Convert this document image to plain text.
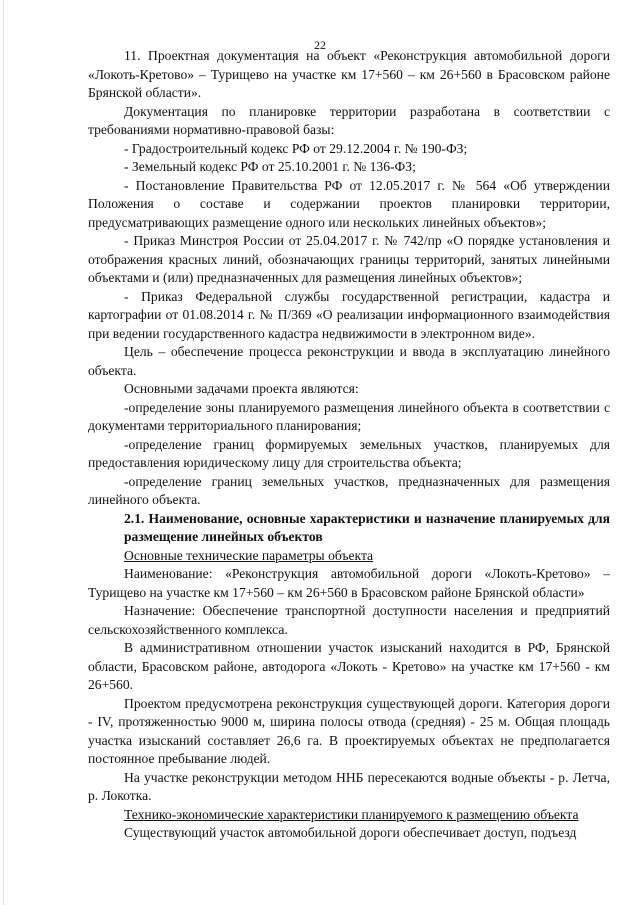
22

11. Проектная документация на объект «Реконструкция автомобильной дороги «Локоть-Кретово» – Турищево на участке км 17+560 – км 26+560 в Брасовском районе Брянской области».

Документация по планировке территории разработана в соответствии с требованиями нормативно-правовой базы:

- Градостроительный кодекс РФ от 29.12.2004 г. № 190-ФЗ;

- Земельный кодекс РФ от 25.10.2001 г. № 136-ФЗ;

- Постановление Правительства РФ от 12.05.2017 г. № 564 «Об утверждении Положения о составе и содержании проектов планировки территории, предусматривающих размещение одного или нескольких линейных объектов»;

- Приказ Минстроя России от 25.04.2017 г. № 742/пр «О порядке установления и отображения красных линий, обозначающих границы территорий, занятых линейными объектами и (или) предназначенных для размещения линейных объектов»;

- Приказ Федеральной службы государственной регистрации, кадастра и картографии от 01.08.2014 г. № П/369 «О реализации информационного взаимодействия при ведении государственного кадастра недвижимости в электронном виде».

Цель – обеспечение процесса реконструкции и ввода в эксплуатацию линейного объекта.

Основными задачами проекта являются:

-определение зоны планируемого размещения линейного объекта в соответствии с документами территориального планирования;

-определение границ формируемых земельных участков, планируемых для предоставления юридическому лицу для строительства объекта;

-определение границ земельных участков, предназначенных для размещения линейного объекта.

2.1. Наименование, основные характеристики и назначение планируемых для размещение линейных объектов

Основные технические параметры объекта

Наименование: «Реконструкция автомобильной дороги «Локоть-Кретово» – Турищево на участке км 17+560 – км 26+560 в Брасовском районе Брянской области»

Назначение: Обеспечение транспортной доступности населения и предприятий сельскохозяйственного комплекса.

В административном отношении участок изысканий находится в РФ, Брянской области, Брасовском районе, автодорога «Локоть - Кретово» на участке км 17+560 - км 26+560.

Проектом предусмотрена реконструкция существующей дороги. Категория дороги - IV, протяженностью 9000 м, ширина полосы отвода (средняя) - 25 м. Общая площадь участка изысканий составляет 26,6 га. В проектируемых объектах не предполагается постоянное пребывание людей.

На участке реконструкции методом ННБ пересекаются водные объекты - р. Летча, р. Локотка.

Технико-экономические характеристики планируемого к размещению объекта

Существующий участок автомобильной дороги обеспечивает доступ, подъезд
